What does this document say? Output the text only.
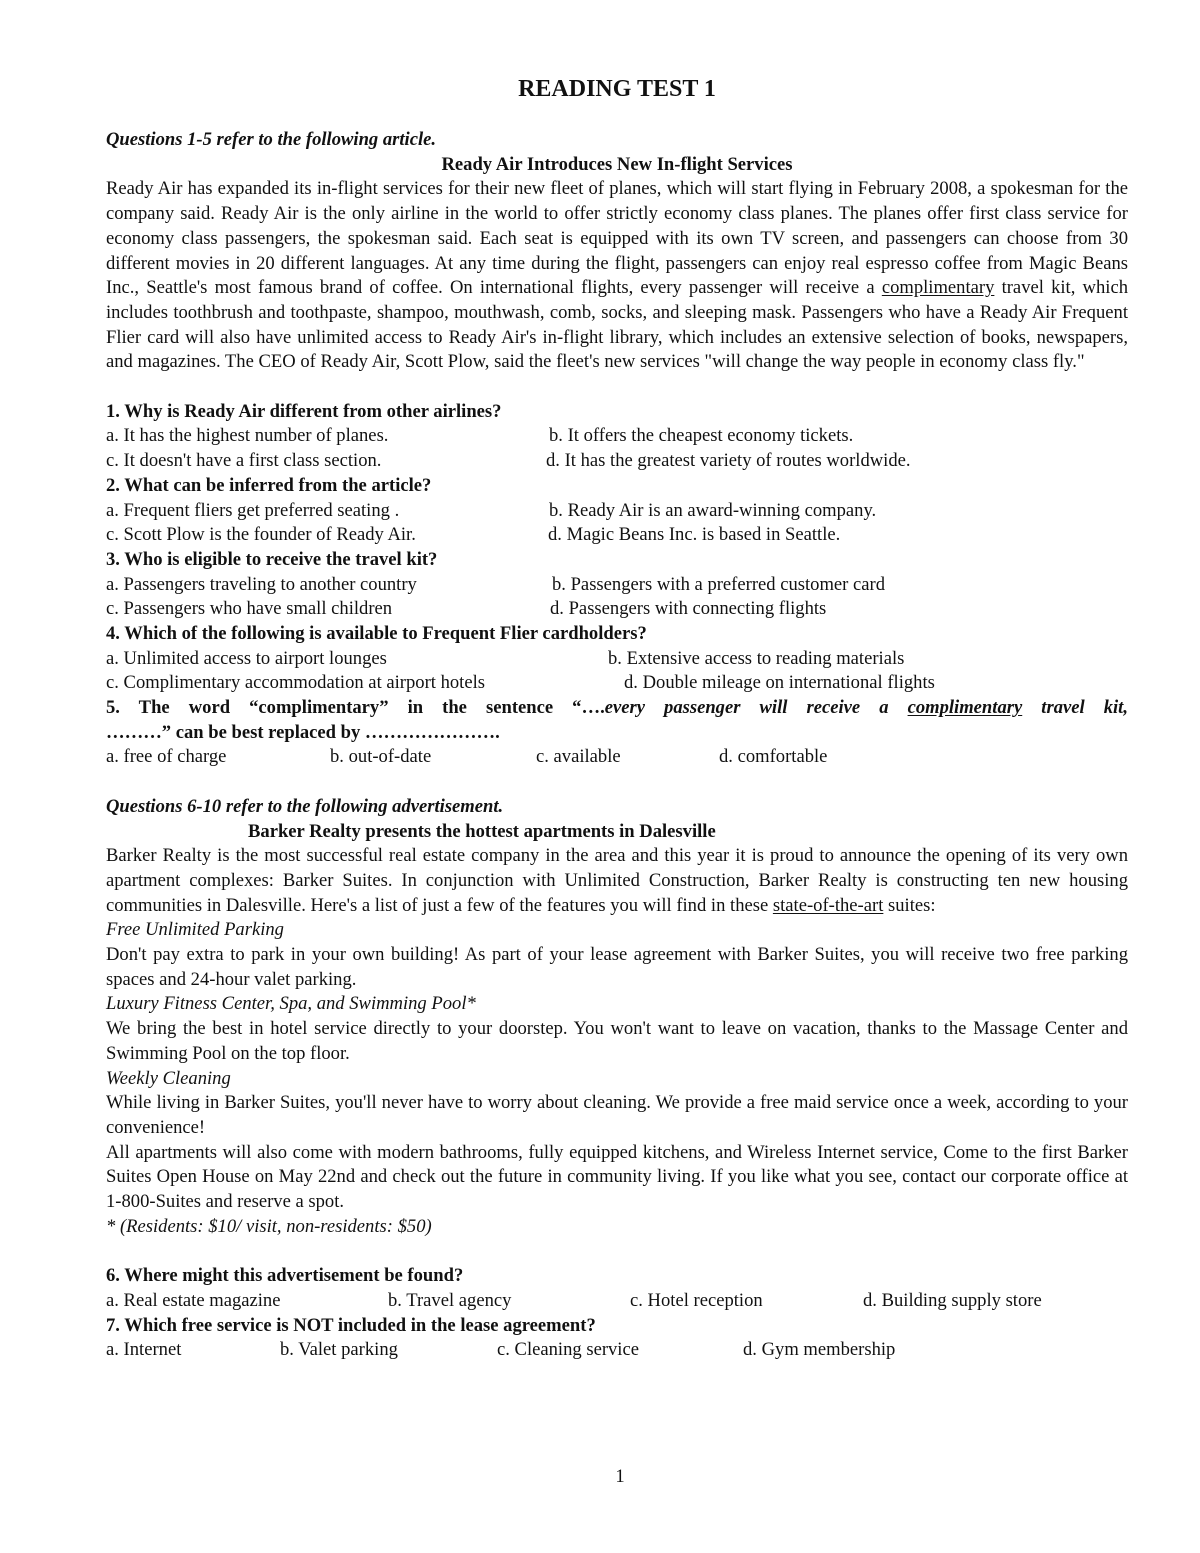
READING TEST 1

Questions 1-5 refer to the following article.

Ready Air Introduces New In-flight Services

Ready Air has expanded its in-flight services for their new fleet of planes, which will start flying in February 2008, a spokesman for the company said. Ready Air is the only airline in the world to offer strictly economy class planes. The planes offer first class service for economy class passengers, the spokesman said. Each seat is equipped with its own TV screen, and passengers can choose from 30 different movies in 20 different languages. At any time during the flight, passengers can enjoy real espresso coffee from Magic Beans Inc., Seattle's most famous brand of coffee. On international flights, every passenger will receive a complimentary travel kit, which includes toothbrush and toothpaste, shampoo, mouthwash, comb, socks, and sleeping mask. Passengers who have a Ready Air Frequent Flier card will also have unlimited access to Ready Air's in-flight library, which includes an extensive selection of books, newspapers, and magazines. The CEO of Ready Air, Scott Plow, said the fleet's new services "will change the way people in economy class fly."

1. Why is Ready Air different from other airlines?

a. It has the highest number of planes.	b. It offers the cheapest economy tickets.
c. It doesn't have a first class section.	d. It has the greatest variety of routes worldwide.

2. What can be inferred from the article?

a. Frequent fliers get preferred seating .	b. Ready Air is an award-winning company.
c. Scott Plow is the founder of Ready Air.	d. Magic Beans Inc. is based in Seattle.

3. Who is eligible to receive the travel kit?

a. Passengers traveling to another country	b. Passengers with a preferred customer card
c. Passengers who have small children	d. Passengers with connecting flights

4. Which of the following is available to Frequent Flier cardholders?

a. Unlimited access to airport lounges	b. Extensive access to reading materials
c. Complimentary accommodation at airport hotels	d. Double mileage on international flights

5. The word “complimentary” in the sentence “….every passenger will receive a complimentary travel kit,

………” can be best replaced by ………………….

a. free of charge	b. out-of-date	c. available	d. comfortable

Questions 6-10 refer to the following advertisement.

Barker Realty presents the hottest apartments in Dalesville

Barker Realty is the most successful real estate company in the area and this year it is proud to announce the opening of its very own apartment complexes: Barker Suites. In conjunction with Unlimited Construction, Barker Realty is constructing ten new housing communities in Dalesville. Here's a list of just a few of the features you will find in these state-of-the-art suites:

Free Unlimited Parking

Don't pay extra to park in your own building! As part of your lease agreement with Barker Suites, you will receive two free parking spaces and 24-hour valet parking.

Luxury Fitness Center, Spa, and Swimming Pool*

We bring the best in hotel service directly to your doorstep. You won't want to leave on vacation, thanks to the Massage Center and Swimming Pool on the top floor.

Weekly Cleaning

While living in Barker Suites, you'll never have to worry about cleaning. We provide a free maid service once a week, according to your convenience!

All apartments will also come with modern bathrooms, fully equipped kitchens, and Wireless Internet service, Come to the first Barker Suites Open House on May 22nd and check out the future in community living. If you like what you see, contact our corporate office at 1-800-Suites and reserve a spot.

* (Residents: $10/ visit, non-residents: $50)

6. Where might this advertisement be found?

a. Real estate magazine	b. Travel agency	c. Hotel reception	d. Building supply store

7. Which free service is NOT included in the lease agreement?

a. Internet	b. Valet parking	c. Cleaning service	d. Gym membership
1
